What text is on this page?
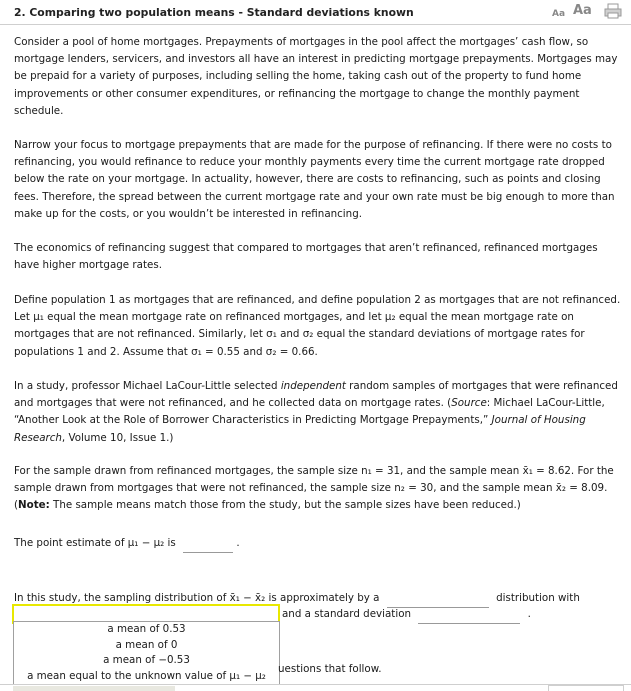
2. Comparing two population means - Standard deviations known	Aa Aa

Consider a pool of home mortgages. Prepayments of mortgages in the pool affect the mortgages’ cash flow, so mortgage lenders, servicers, and investors all have an interest in predicting mortgage prepayments. Mortgages may be prepaid for a variety of purposes, including selling the home, taking cash out of the property to fund home improvements or other consumer expenditures, or refinancing the mortgage to change the monthly payment schedule.

Narrow your focus to mortgage prepayments that are made for the purpose of refinancing. If there were no costs to refinancing, you would refinance to reduce your monthly payments every time the current mortgage rate dropped below the rate on your mortgage. In actuality, however, there are costs to refinancing, such as points and closing fees. Therefore, the spread between the current mortgage rate and your own rate must be big enough to more than make up for the costs, or you wouldn’t be interested in refinancing.

The economics of refinancing suggest that compared to mortgages that aren’t refinanced, refinanced mortgages have higher mortgage rates.

Define population 1 as mortgages that are refinanced, and define population 2 as mortgages that are not refinanced. Let μ₁ equal the mean mortgage rate on refinanced mortgages, and let μ₂ equal the mean mortgage rate on mortgages that are not refinanced. Similarly, let σ₁ and σ₂ equal the standard deviations of mortgage rates for populations 1 and 2. Assume that σ₁ = 0.55 and σ₂ = 0.66.

In a study, professor Michael LaCour-Little selected independent random samples of mortgages that were refinanced and mortgages that were not refinanced, and he collected data on mortgage rates. (Source: Michael LaCour-Little, “Another Look at the Role of Borrower Characteristics in Predicting Mortgage Prepayments,” Journal of Housing Research, Volume 10, Issue 1.)

For the sample drawn from refinanced mortgages, the sample size n₁ = 31, and the sample mean x̄₁ = 8.62. For the sample drawn from mortgages that were not refinanced, the sample size n₂ = 30, and the sample mean x̄₂ = 8.09. (Note: The sample means match those from the study, but the sample sizes have been reduced.)

The point estimate of μ₁ − μ₂ is	.
In this study, the sampling distribution of x̄₁ − x̄₂ is approximately by a	distribution with
and a standard deviation	.
a mean of 0.53
a mean of 0
a mean of −0.53
a mean equal to the unknown value of μ₁ − μ₂
uestions that follow.
